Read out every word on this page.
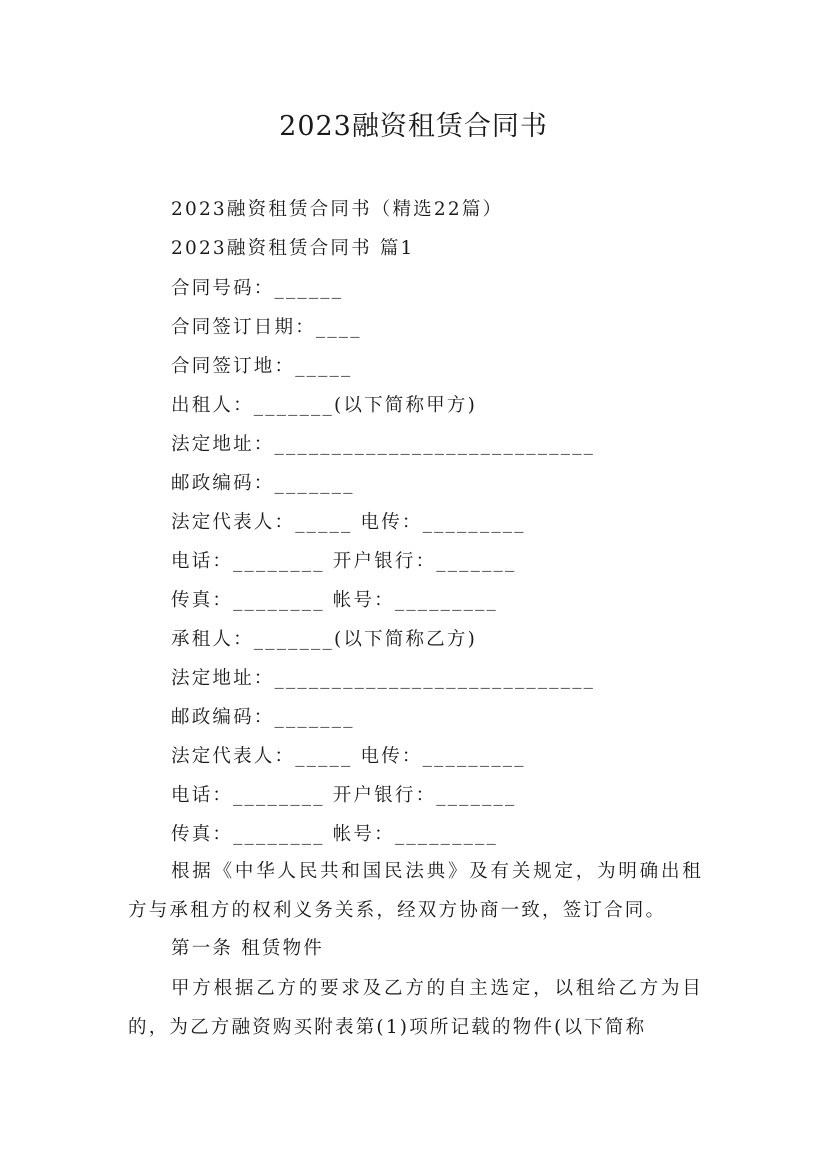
2023融资租赁合同书
2023融资租赁合同书（精选22篇）
2023融资租赁合同书 篇1
合同号码：______
合同签订日期：____
合同签订地：_____
出租人：_______(以下简称甲方)
法定地址：____________________________
邮政编码：_______
法定代表人：_____ 电传：_________
电话：________ 开户银行：_______
传真：________ 帐号：_________
承租人：_______(以下简称乙方)
法定地址：____________________________
邮政编码：_______
法定代表人：_____ 电传：_________
电话：________ 开户银行：_______
传真：________ 帐号：_________
根据《中华人民共和国民法典》及有关规定，为明确出租方与承租方的权利义务关系，经双方协商一致，签订合同。
第一条 租赁物件
甲方根据乙方的要求及乙方的自主选定，以租给乙方为目的，为乙方融资购买附表第(1)项所记载的物件(以下简称
